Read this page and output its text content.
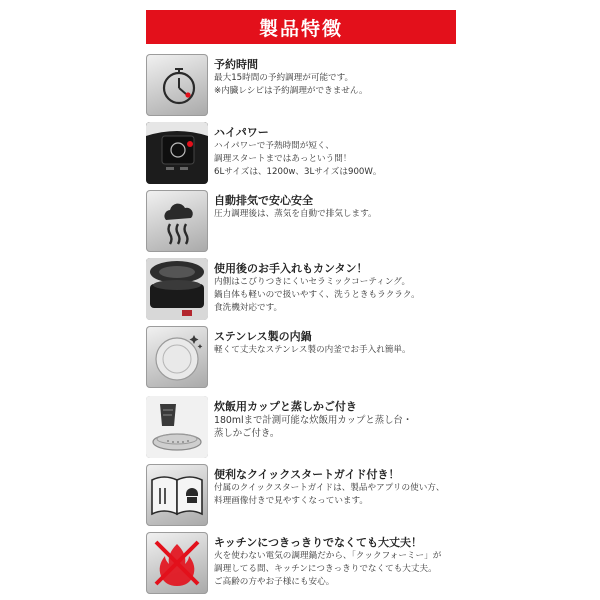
製品特徴
予約時間
最大15時間の予約調理が可能です。
※内臓レシピは予約調理ができません。
ハイパワー
ハイパワーで予熱時間が短く、
調理スタートまではあっという間！
6Lサイズは、1200w、3Lサイズは900W。
自動排気で安心安全
圧力調理後は、蒸気を自動で排気します。
使用後のお手入れもカンタン！
内側はこびりつきにくいセラミックコーティング。
鍋自体も軽いので扱いやすく、洗うときもラクラク。
食洗機対応です。
ステンレス製の内鍋
軽くて丈夫なステンレス製の内釜でお手入れ簡単。
炊飯用カップと蒸しかご付き
180mlまで計測可能な炊飯用カップと蒸し台・
蒸しかご付き。
便利なクイックスタートガイド付き！
付属のクイックスタートガイドは、製品やアプリの使い方、
料理画像付きで見やすくなっています。
キッチンにつきっきりでなくても大丈夫！
火を使わない電気の調理鍋だから、「クックフォーミー」が
調理してる間、キッチンにつきっきりでなくても大丈夫。
ご高齢の方やお子様にも安心。
